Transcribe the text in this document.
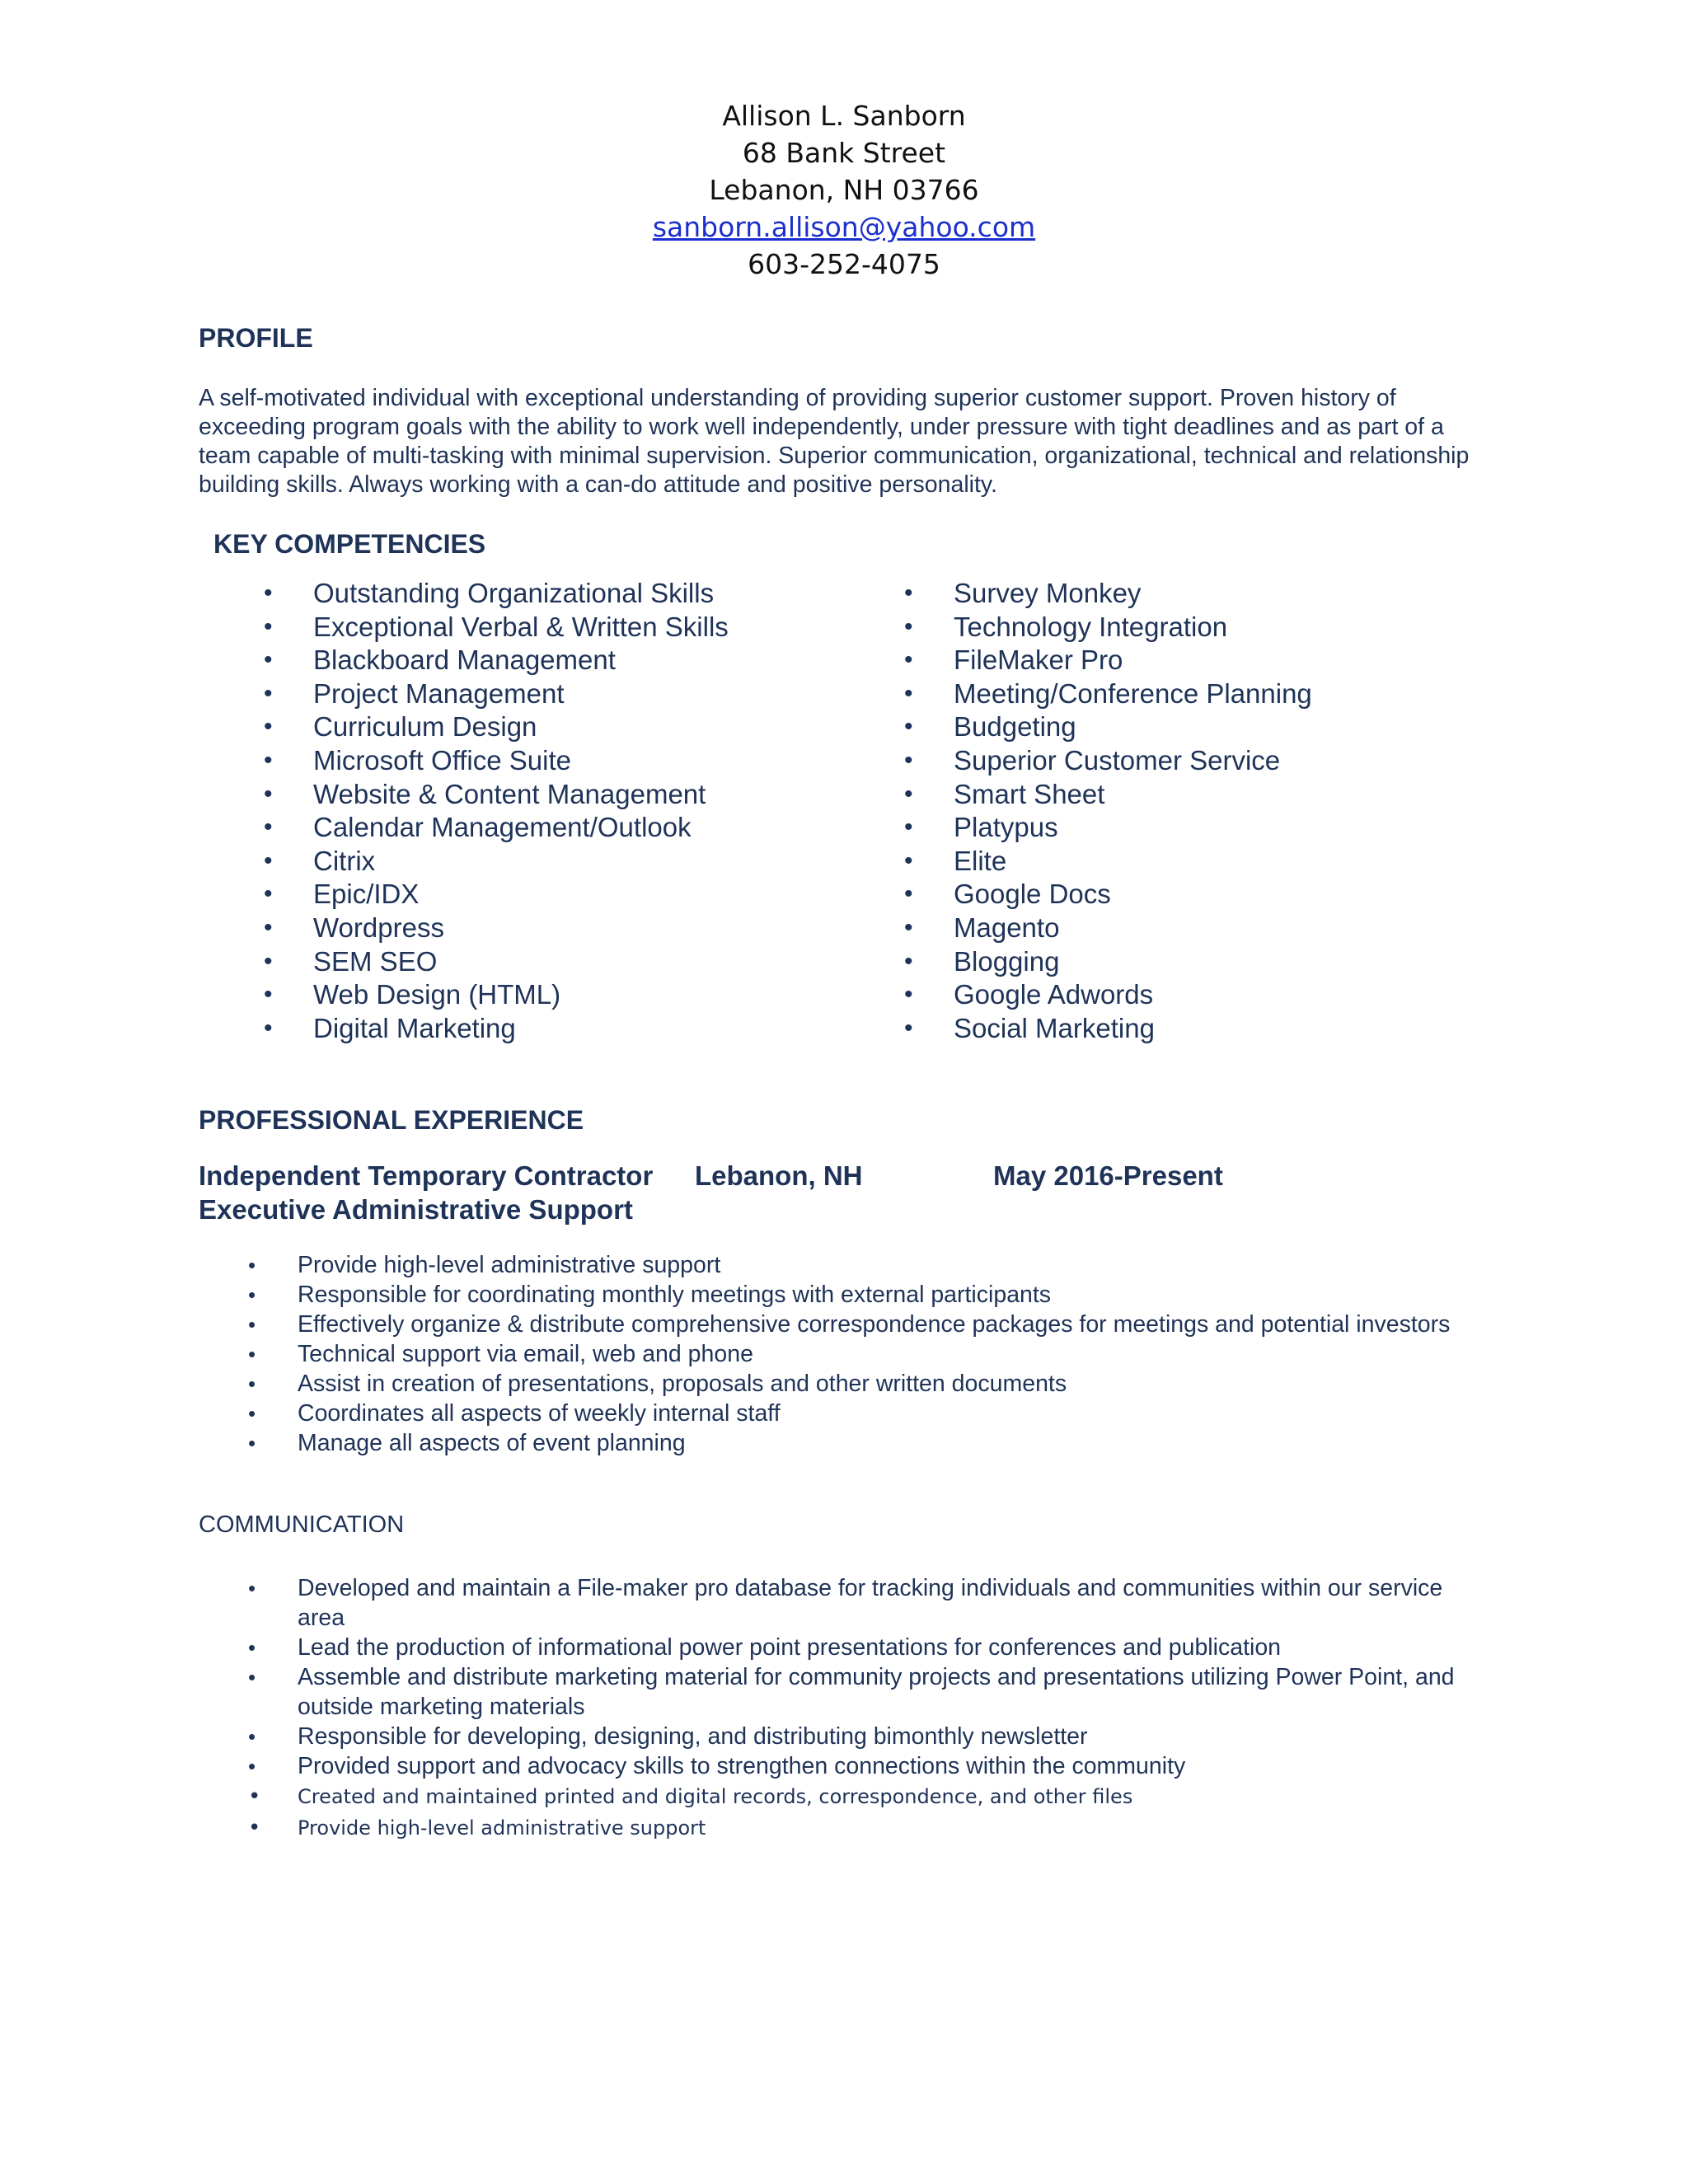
Allison L. Sanborn
68 Bank Street
Lebanon, NH 03766
sanborn.allison@yahoo.com
603-252-4075
PROFILE

A self-motivated individual with exceptional understanding of providing superior customer support. Proven history of exceeding program goals with the ability to work well independently, under pressure with tight deadlines and as part of a team capable of multi-tasking with minimal supervision. Superior communication, organizational, technical and relationship building skills. Always working with a can-do attitude and positive personality.

KEY COMPETENCIES
• Outstanding Organizational Skills
• Exceptional Verbal & Written Skills
• Blackboard Management
• Project Management
• Curriculum Design
• Microsoft Office Suite
• Website & Content Management
• Calendar Management/Outlook
• Citrix
• Epic/IDX
• Wordpress
• SEM SEO
• Web Design (HTML)
• Digital Marketing
• Survey Monkey
• Technology Integration
• FileMaker Pro
• Meeting/Conference Planning
• Budgeting
• Superior Customer Service
• Smart Sheet
• Platypus
• Elite
• Google Docs
• Magento
• Blogging
• Google Adwords
• Social Marketing
PROFESSIONAL EXPERIENCE
Independent Temporary Contractor Lebanon, NH	May 2016-Present
Executive Administrative Support
• Provide high-level administrative support
• Responsible for coordinating monthly meetings with external participants
• Effectively organize & distribute comprehensive correspondence packages for meetings and potential investors
• Technical support via email, web and phone
• Assist in creation of presentations, proposals and other written documents
• Coordinates all aspects of weekly internal staff
• Manage all aspects of event planning
COMMUNICATION
• Developed and maintain a File-maker pro database for tracking individuals and communities within our service area
• Lead the production of informational power point presentations for conferences and publication
• Assemble and distribute marketing material for community projects and presentations utilizing Power Point, and outside marketing materials
• Responsible for developing, designing, and distributing bimonthly newsletter
• Provided support and advocacy skills to strengthen connections within the community
• Created and maintained printed and digital records, correspondence, and other files
• Provide high-level administrative support
